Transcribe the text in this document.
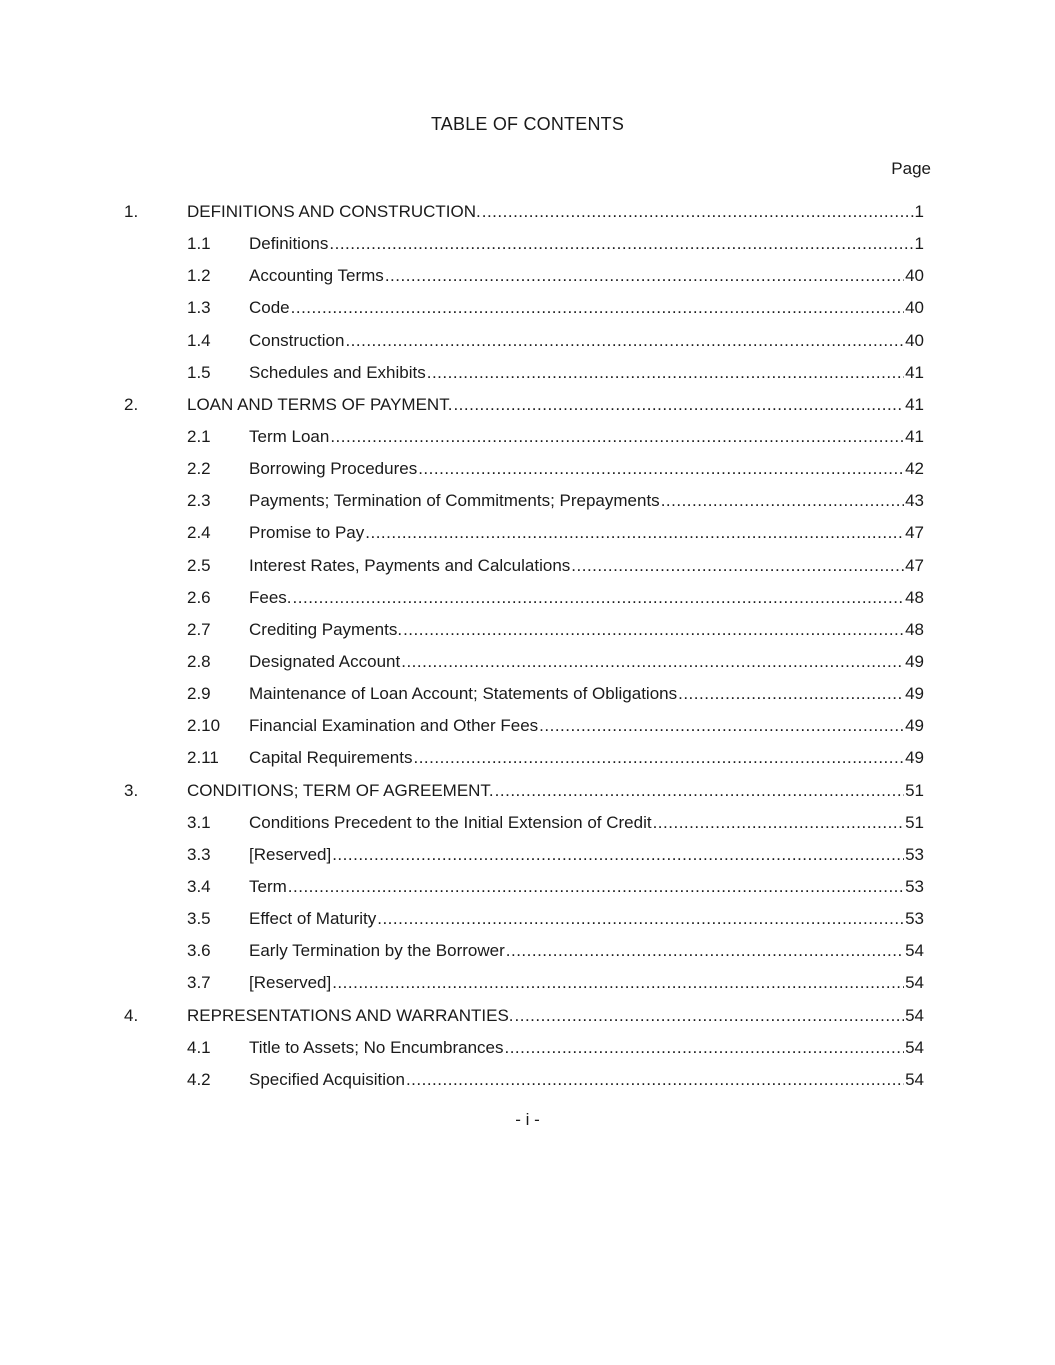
TABLE OF CONTENTS
Page
1.	DEFINITIONS AND CONSTRUCTION. .....	1
1.1 Definitions .....	1
1.2 Accounting Terms .....	40
1.3 Code .....	40
1.4 Construction .....	40
1.5 Schedules and Exhibits .....	41
2.	LOAN AND TERMS OF PAYMENT. .....	41
2.1 Term Loan .....	41
2.2 Borrowing Procedures .....	42
2.3 Payments; Termination of Commitments; Prepayments .....	43
2.4 Promise to Pay .....	47
2.5 Interest Rates, Payments and Calculations .....	47
2.6 Fees. .....	48
2.7 Crediting Payments. .....	48
2.8 Designated Account .....	49
2.9 Maintenance of Loan Account; Statements of Obligations .....	49
2.10 Financial Examination and Other Fees .....	49
2.11 Capital Requirements .....	49
3.	CONDITIONS; TERM OF AGREEMENT. .....	51
3.1 Conditions Precedent to the Initial Extension of Credit .....	51
3.3 [Reserved] .....	53
3.4 Term .....	53
3.5 Effect of Maturity .....	53
3.6 Early Termination by the Borrower .....	54
3.7 [Reserved] .....	54
4.	REPRESENTATIONS AND WARRANTIES. .....	54
4.1 Title to Assets; No Encumbrances .....	54
4.2 Specified Acquisition .....	54
- i -
